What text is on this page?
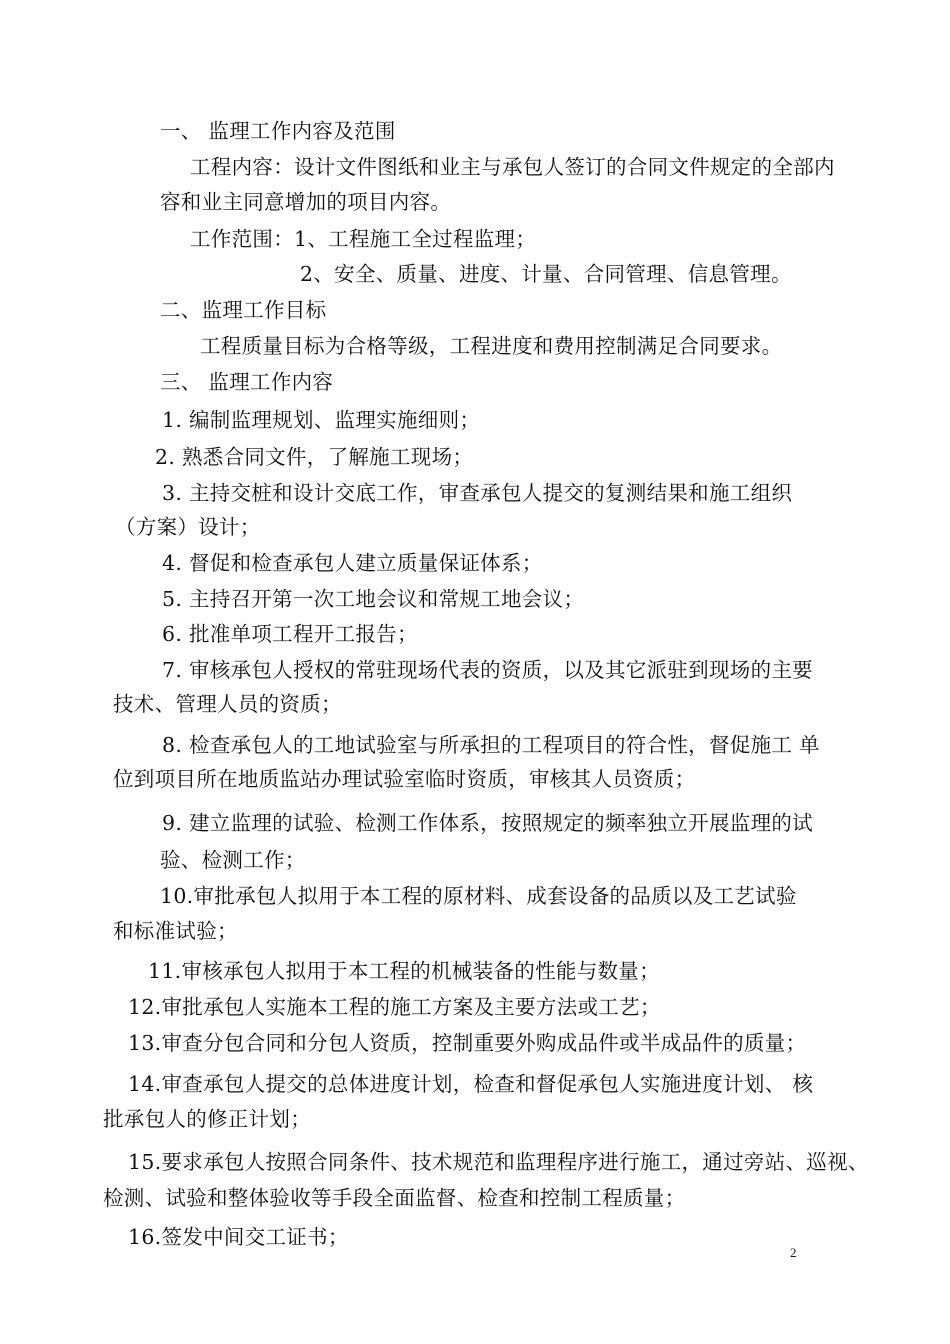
一、 监理工作内容及范围
工程内容：设计文件图纸和业主与承包人签订的合同文件规定的全部内
容和业主同意增加的项目内容。
工作范围：1、工程施工全过程监理；
2、安全、质量、进度、计量、合同管理、信息管理。
二、监理工作目标
工程质量目标为合格等级，工程进度和费用控制满足合同要求。
三、 监理工作内容
1. 编制监理规划、监理实施细则；
2. 熟悉合同文件，了解施工现场；
3. 主持交桩和设计交底工作，审查承包人提交的复测结果和施工组织
（方案）设计；
4. 督促和检查承包人建立质量保证体系；
5. 主持召开第一次工地会议和常规工地会议；
6. 批准单项工程开工报告；
7. 审核承包人授权的常驻现场代表的资质，以及其它派驻到现场的主要
技术、管理人员的资质；
8. 检查承包人的工地试验室与所承担的工程项目的符合性，督促施工 单
位到项目所在地质监站办理试验室临时资质，审核其人员资质；
9. 建立监理的试验、检测工作体系，按照规定的频率独立开展监理的试
验、检测工作；
10.审批承包人拟用于本工程的原材料、成套设备的品质以及工艺试验
和标准试验；
11.审核承包人拟用于本工程的机械装备的性能与数量；
12.审批承包人实施本工程的施工方案及主要方法或工艺；
13.审查分包合同和分包人资质，控制重要外购成品件或半成品件的质量；
14.审查承包人提交的总体进度计划，检查和督促承包人实施进度计划、 核
批承包人的修正计划；
15.要求承包人按照合同条件、技术规范和监理程序进行施工，通过旁站、巡视、
检测、试验和整体验收等手段全面监督、检查和控制工程质量；
16.签发中间交工证书；
2
